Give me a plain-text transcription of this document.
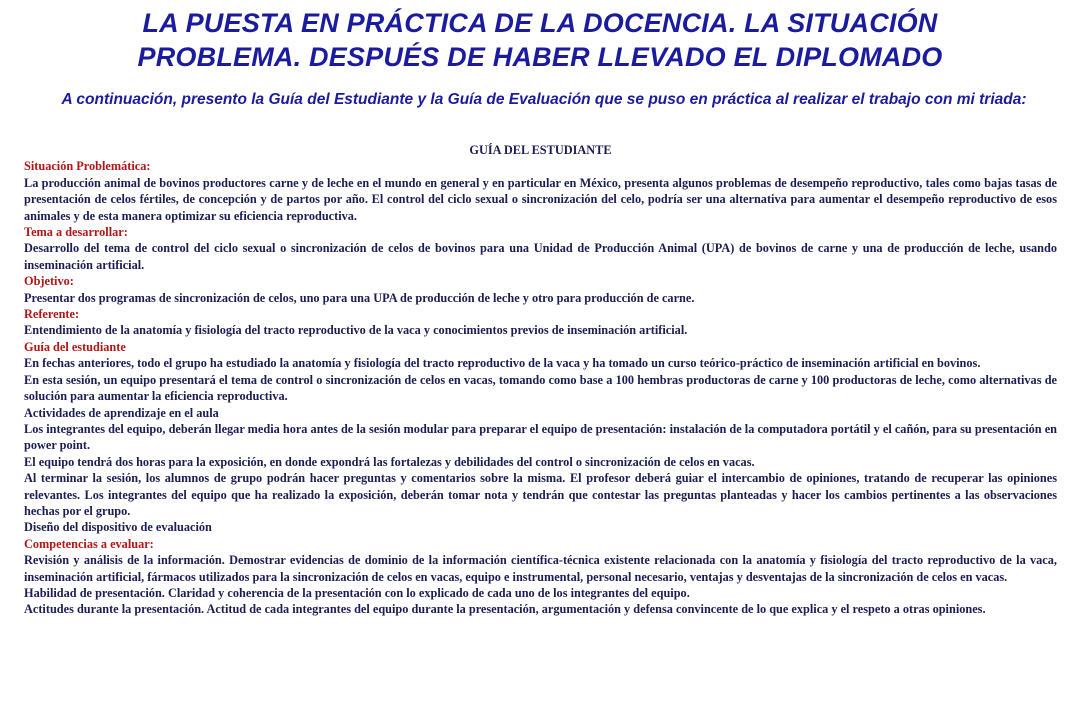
LA PUESTA EN PRÁCTICA DE LA DOCENCIA. LA SITUACIÓN
PROBLEMA. DESPUÉS DE HABER LLEVADO EL DIPLOMADO
A continuación, presento la Guía del Estudiante y la Guía de Evaluación que se puso en práctica al realizar el trabajo con mi triada:
GUÍA DEL ESTUDIANTE

Situación Problemática:

La producción animal de bovinos productores carne y de leche en el mundo en general y en particular en México, presenta algunos problemas de desempeño reproductivo, tales como bajas tasas de presentación de celos fértiles, de concepción y de partos por año. El control del ciclo sexual o sincronización del celo, podría ser una alternativa para aumentar el desempeño reproductivo de esos animales y de esta manera optimizar su eficiencia reproductiva.

Tema a desarrollar:

Desarrollo del tema de control del ciclo sexual o sincronización de celos de bovinos para una Unidad de Producción Animal (UPA) de bovinos de carne y una de producción de leche, usando inseminación artificial.

Objetivo:

Presentar dos programas de sincronización de celos, uno para una UPA de producción de leche y otro para producción de carne.

Referente:

Entendimiento de la anatomía y fisiología del tracto reproductivo de la vaca y conocimientos previos de inseminación artificial.

Guía del estudiante

En fechas anteriores, todo el grupo ha estudiado la anatomía y fisiología del tracto reproductivo de la vaca y ha tomado un curso teórico-práctico de inseminación artificial en bovinos.

En esta sesión, un equipo presentará el tema de control o sincronización de celos en vacas, tomando como base a 100 hembras productoras de carne y 100 productoras de leche, como alternativas de solución para aumentar la eficiencia reproductiva.

Actividades de aprendizaje en el aula

Los integrantes del equipo, deberán llegar media hora antes de la sesión modular para preparar el equipo de presentación: instalación de la computadora portátil y el cañón, para su presentación en power point.

El equipo tendrá dos horas para la exposición, en donde expondrá las fortalezas y debilidades del control o sincronización de celos en vacas.

Al terminar la sesión, los alumnos de grupo podrán hacer preguntas y comentarios sobre la misma. El profesor deberá guiar el intercambio de opiniones, tratando de recuperar las opiniones relevantes. Los integrantes del equipo que ha realizado la exposición, deberán tomar nota y tendrán que contestar las preguntas planteadas y hacer los cambios pertinentes a las observaciones hechas por el grupo.

Diseño del dispositivo de evaluación

Competencias a evaluar:

Revisión y análisis de la información. Demostrar evidencias de dominio de la información científica-técnica existente relacionada con la anatomía y fisiología del tracto reproductivo de la vaca, inseminación artificial, fármacos utilizados para la sincronización de celos en vacas, equipo e instrumental, personal necesario, ventajas y desventajas de la sincronización de celos en vacas.

Habilidad de presentación. Claridad y coherencia de la presentación con lo explicado de cada uno de los integrantes del equipo.

Actitudes durante la presentación. Actitud de cada integrantes del equipo durante la presentación, argumentación y defensa convincente de lo que explica y el respeto a otras opiniones.
